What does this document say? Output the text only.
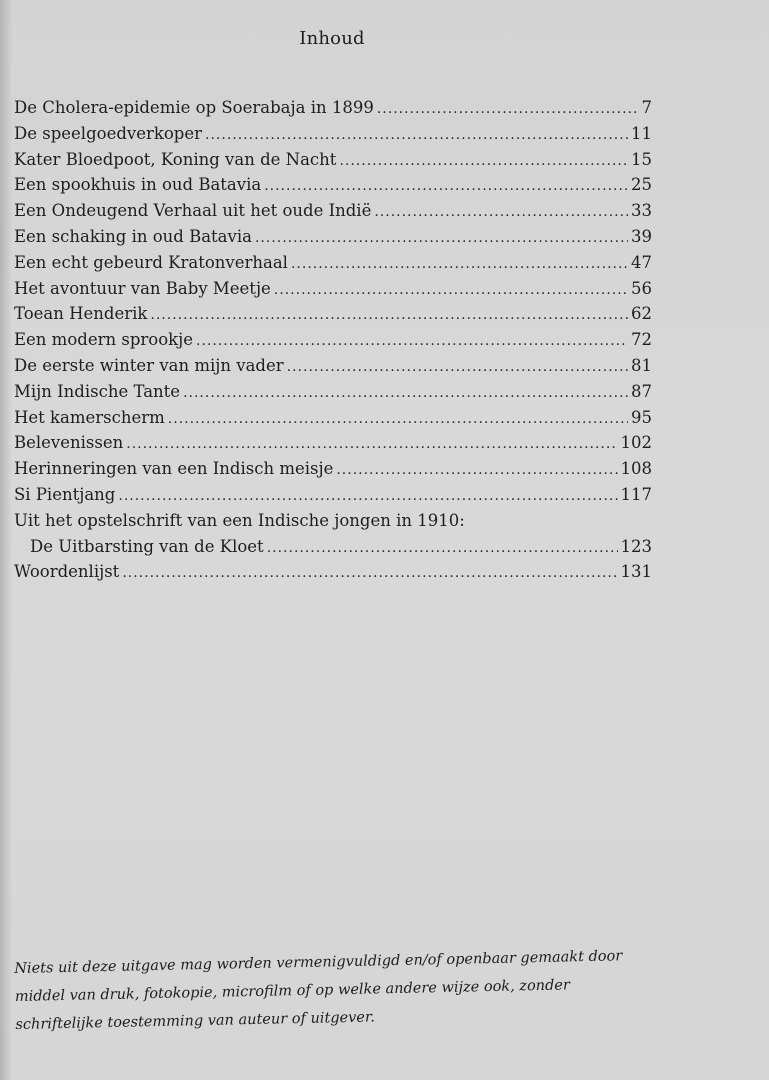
Inhoud
De Cholera-epidemie op Soerabaja in 1899 .....	7
De speelgoedverkoper .....	11
Kater Bloedpoot, Koning van de Nacht .....	15
Een spookhuis in oud Batavia .....	25
Een Ondeugend Verhaal uit het oude Indië .....	33
Een schaking in oud Batavia .....	39
Een echt gebeurd Kratonverhaal .....	47
Het avontuur van Baby Meetje .....	56
Toean Henderik .....	62
Een modern sprookje .....	72
De eerste winter van mijn vader .....	81
Mijn Indische Tante .....	87
Het kamerscherm .....	95
Belevenissen .....	102
Herinneringen van een Indisch meisje .....	108
Si Pientjang .....	117
Uit het opstelschrift van een Indische jongen in 1910:
De Uitbarsting van de Kloet .....	123
Woordenlijst .....	131

Niets uit deze uitgave mag worden vermenigvuldigd en/of openbaar gemaakt door
middel van druk, fotokopie, microfilm of op welke andere wijze ook, zonder
schriftelijke toestemming van auteur of uitgever.
